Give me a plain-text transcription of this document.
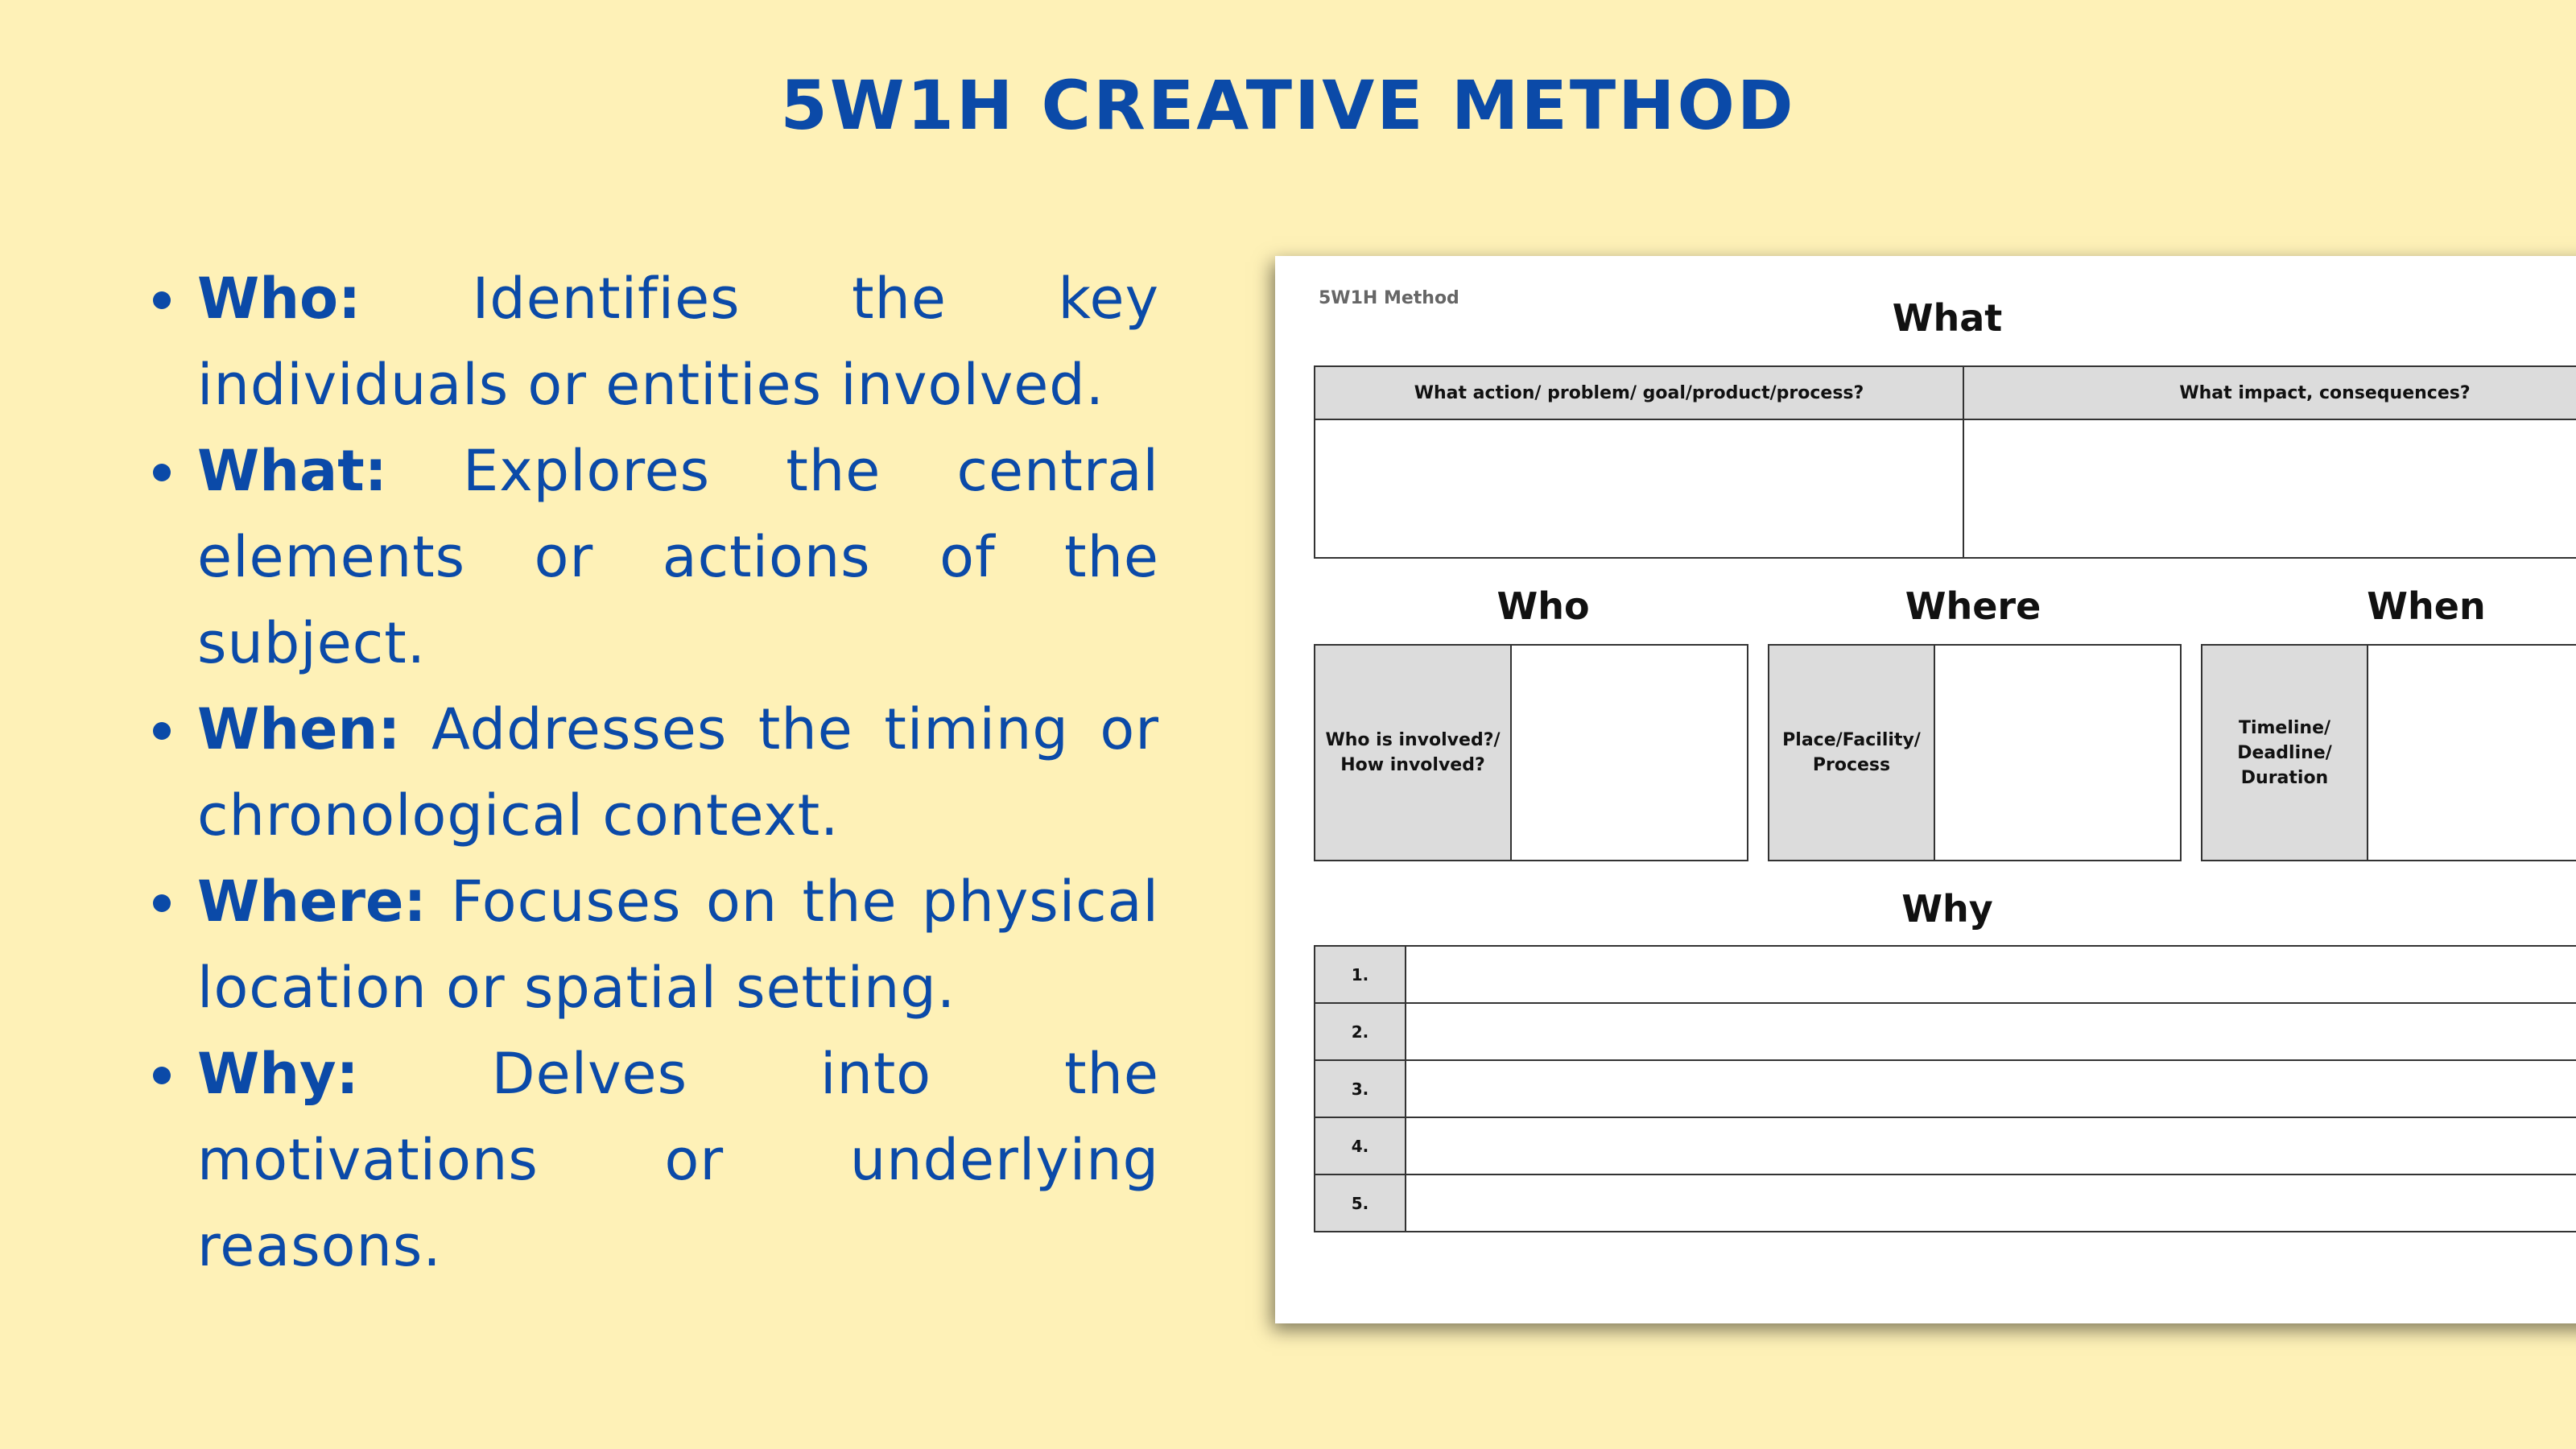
5W1H CREATIVE METHOD
Who: Identifies the key individuals or entities involved.
What: Explores the central elements or actions of the subject.
When: Addresses the timing or chronological context.
Where: Focuses on the physical location or spatial setting.
Why: Delves into the motivations or underlying reasons.
5W1H Method	What
What action/ problem/ goal/product/process?	What impact, consequences?
Who
Who is involved?/ How involved?
Where
Place/Facility/ Process
When
Timeline/ Deadline/ Duration
Why
1.
2.
3.
4.
5.
